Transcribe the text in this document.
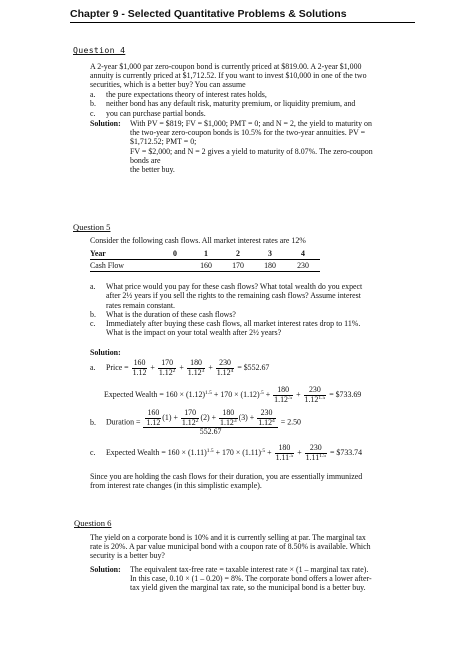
Chapter 9 - Selected Quantitative Problems & Solutions
Question 4
A 2-year $1,000 par zero-coupon bond is currently priced at $819.00. A 2-year $1,000
annuity is currently priced at $1,712.52. If you want to invest $10,000 in one of the two
securities, which is a better buy? You can assume
a. the pure expectations theory of interest rates holds,
b. neither bond has any default risk, maturity premium, or liquidity premium, and
c. you can purchase partial bonds.
Solution: With PV = $819; FV = $1,000; PMT = 0; and N = 2, the yield to maturity on
the two-year zero-coupon bonds is 10.5% for the two-year annuities. PV =
$1,712.52; PMT = 0;
FV = $2,000; and N = 2 gives a yield to maturity of 8.07%. The zero-coupon
bonds are
the better buy.
Question 5
Consider the following cash flows. All market interest rates are 12%
Year	0	1	2	3	4
Cash Flow		160	170	180	230
a. What price would you pay for these cash flows? What total wealth do you expect
after 2½ years if you sell the rights to the remaining cash flows? Assume interest
rates remain constant.
b. What is the duration of these cash flows?
c. Immediately after buying these cash flows, all market interest rates drop to 11%.
What is the impact on your total wealth after 2½ years?
Solution:
a. Price = $\frac{160}{1.12} + \frac{170}{1.12^2} + \frac{180}{1.12^3} + \frac{230}{1.12^4}$ = $552.67
Expected Wealth = $160 \times (1.12)^{1.5} + 170 \times (1.12)^{.5} + \frac{180}{1.12^{.5}} + \frac{230}{1.12^{1.5}}$ = $733.69
b. Duration = $\frac{160}{1.12} (1) + \frac{170}{1.12^2} (2) + \frac{180}{1.12^3} (3) + \frac{230}{1.12^4}$
552.67
= 2.50
c. Expected Wealth = $160 \times (1.11)^{1.5} + 170 \times (1.11)^{.5} + \frac{180}{1.11^{.5}} + \frac{230}{1.11^{1.5}}$ = $733.74
Since you are holding the cash flows for their duration, you are essentially immunized
from interest rate changes (in this simplistic example).
Question 6
The yield on a corporate bond is 10% and it is currently selling at par. The marginal tax
rate is 20%. A par value municipal bond with a coupon rate of 8.50% is available. Which
security is a better buy?
Solution: The equivalent tax-free rate = taxable interest rate × (1 – marginal tax rate).
In this case, 0.10 × (1 – 0.20) = 8%. The corporate bond offers a lower after-
tax yield given the marginal tax rate, so the municipal bond is a better buy.
